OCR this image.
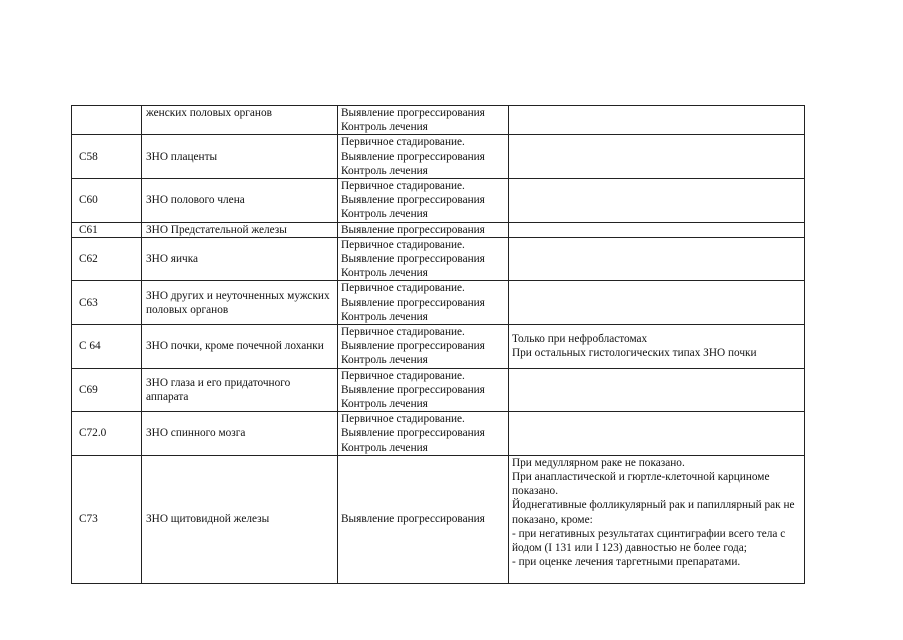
	женских половых органов	Выявление прогрессирования
Контроль лечения	

C58	ЗНО плаценты	Первичное стадирование.
Выявление прогрессирования
Контроль лечения	

C60	ЗНО полового члена	Первичное стадирование.
Выявление прогрессирования
Контроль лечения	

C61	ЗНО Предстательной железы	Выявление прогрессирования	

C62	ЗНО яичка	Первичное стадирование.
Выявление прогрессирования
Контроль лечения	

C63	ЗНО других и неуточненных мужских половых органов	Первичное стадирование.
Выявление прогрессирования
Контроль лечения	

C 64	ЗНО почки, кроме почечной лоханки	Первичное стадирование.
Выявление прогрессирования
Контроль лечения	Только при нефробластомах
При остальных гистологических типах ЗНО почки

C69	ЗНО глаза и его придаточного аппарата	Первичное стадирование.
Выявление прогрессирования
Контроль лечения	

C72.0	ЗНО спинного мозга	Первичное стадирование.
Выявление прогрессирования
Контроль лечения	

C73	ЗНО щитовидной железы	Выявление прогрессирования	При медуллярном раке не показано.
При анапластической и гюртле-клеточной карциноме показано.
Йоднегативные фолликулярный рак и папиллярный рак не показано, кроме:
- при негативных результатах сцинтиграфии всего тела с йодом (I 131 или I 123) давностью не более года;
- при оценке лечения таргетными препаратами.
